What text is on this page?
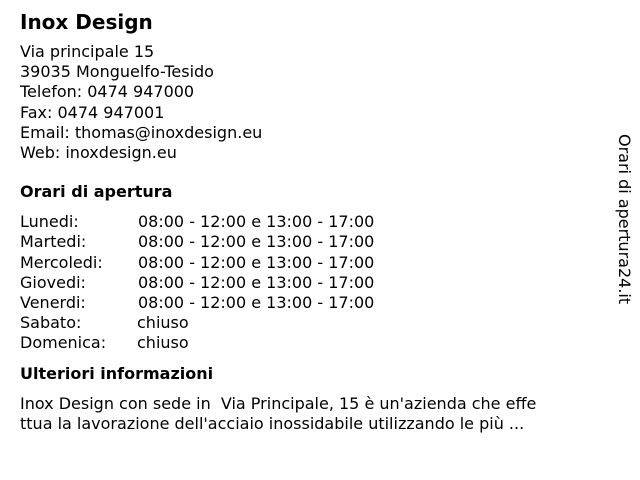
Inox Design
Via principale 15
39035 Monguelfo-Tesido
Telefon: 0474 947000
Fax: 0474 947001
Email: thomas@inoxdesign.eu
Web: inoxdesign.eu
Orari di apertura
Lunedi:	08:00 - 12:00 e 13:00 - 17:00
Martedi:	08:00 - 12:00 e 13:00 - 17:00
Mercoledi: 08:00 - 12:00 e 13:00 - 17:00
Giovedi:	08:00 - 12:00 e 13:00 - 17:00
Venerdi:	08:00 - 12:00 e 13:00 - 17:00
Sabato:	chiuso
Domenica: chiuso
Ulteriori informazioni
Inox Design con sede in  Via Principale, 15 è un'azienda che effe
ttua la lavorazione dell'acciaio inossidabile utilizzando le più ...
Orari di apertura24.it
